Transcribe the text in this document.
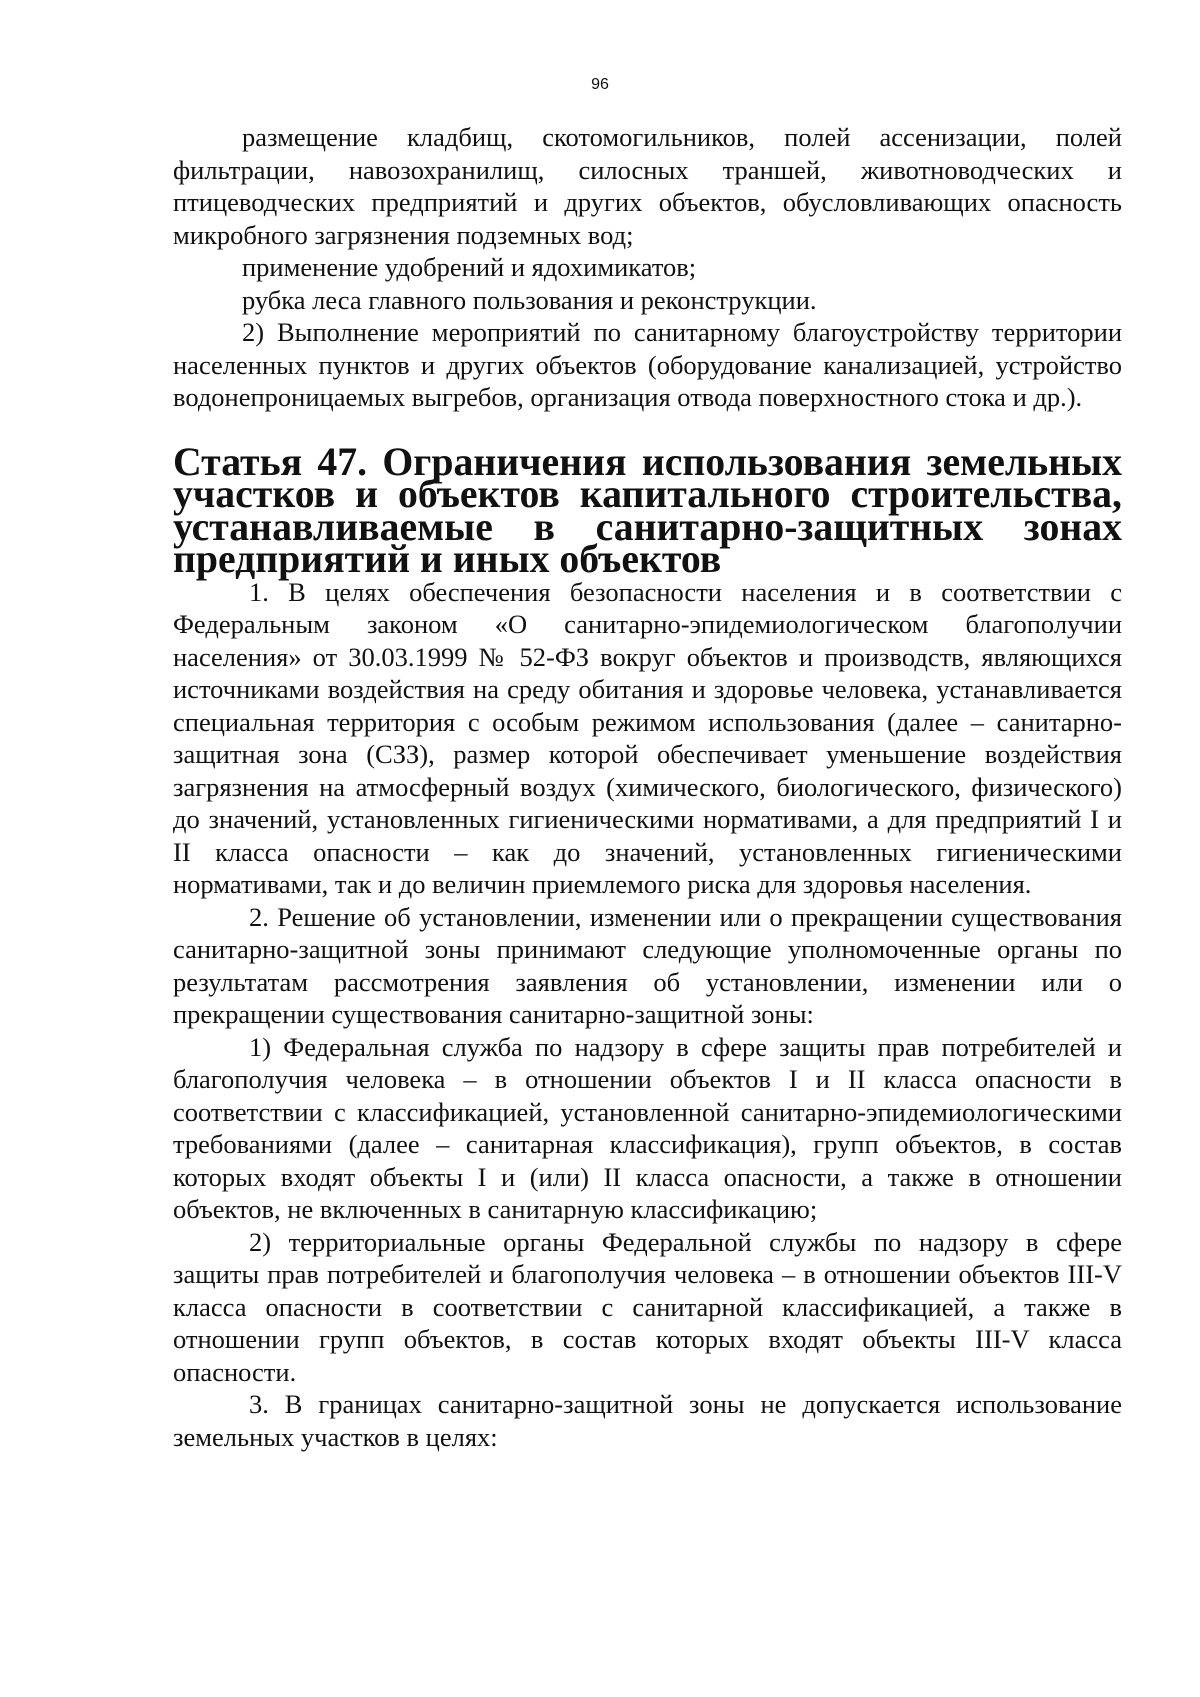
96

размещение кладбищ, скотомогильников, полей ассенизации, полей фильтрации, навозохранилищ, силосных траншей, животноводческих и птицеводческих предприятий и других объектов, обусловливающих опасность микробного загрязнения подземных вод;

применение удобрений и ядохимикатов;

рубка леса главного пользования и реконструкции.

2) Выполнение мероприятий по санитарному благоустройству территории населенных пунктов и других объектов (оборудование канализацией, устройство водонепроницаемых выгребов, организация отвода поверхностного стока и др.).

Статья 47. Ограничения использования земельных участков и объектов капитального строительства, устанавливаемые в санитарно-защитных зонах предприятий и иных объектов

1. В целях обеспечения безопасности населения и в соответствии с Федеральным законом «О санитарно-эпидемиологическом благополучии населения» от 30.03.1999 № 52-ФЗ вокруг объектов и производств, являющихся источниками воздействия на среду обитания и здоровье человека, устанавливается специальная территория с особым режимом использования (далее – санитарно-защитная зона (СЗЗ), размер которой обеспечивает уменьшение воздействия загрязнения на атмосферный воздух (химического, биологического, физического) до значений, установленных гигиеническими нормативами, а для предприятий I и II класса опасности – как до значений, установленных гигиеническими нормативами, так и до величин приемлемого риска для здоровья населения.

2. Решение об установлении, изменении или о прекращении существования санитарно-защитной зоны принимают следующие уполномоченные органы по результатам рассмотрения заявления об установлении, изменении или о прекращении существования санитарно-защитной зоны:

1) Федеральная служба по надзору в сфере защиты прав потребителей и благополучия человека – в отношении объектов I и II класса опасности в соответствии с классификацией, установленной санитарно-эпидемиологическими требованиями (далее – санитарная классификация), групп объектов, в состав которых входят объекты I и (или) II класса опасности, а также в отношении объектов, не включенных в санитарную классификацию;

2) территориальные органы Федеральной службы по надзору в сфере защиты прав потребителей и благополучия человека – в отношении объектов III-V класса опасности в соответствии с санитарной классификацией, а также в отношении групп объектов, в состав которых входят объекты III-V класса опасности.

3. В границах санитарно-защитной зоны не допускается использование земельных участков в целях:
